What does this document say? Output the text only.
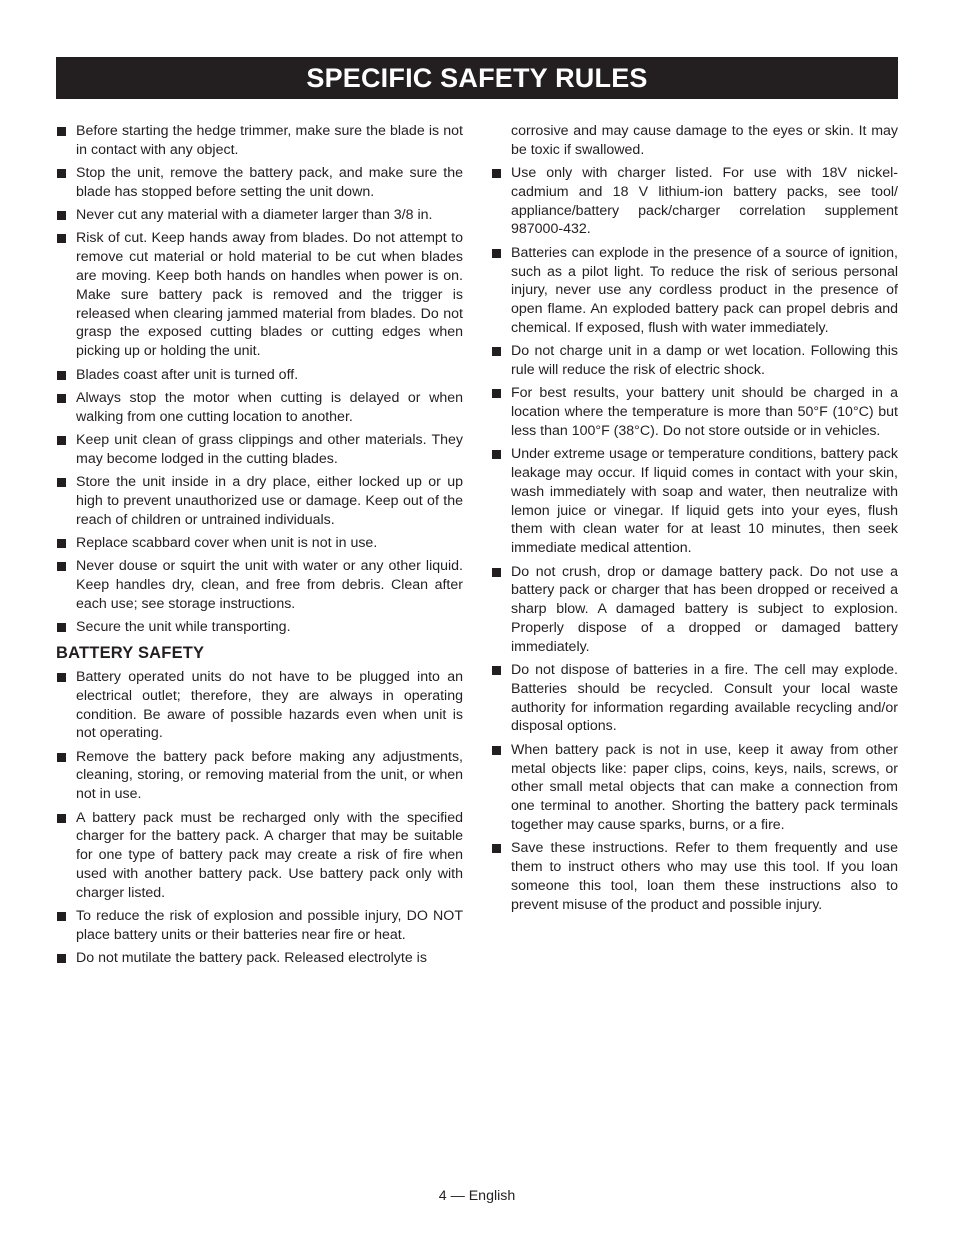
SPECIFIC SAFETY RULES
Before starting the hedge trimmer, make sure the blade is not in contact with any object.
Stop the unit, remove the battery pack, and make sure the blade has stopped before setting the unit down.
Never cut any material with a diameter larger than 3/8 in.
Risk of cut. Keep hands away from blades. Do not attempt to remove cut material or hold material to be cut when blades are moving. Keep both hands on handles when power is on. Make sure battery pack is removed and the trigger is released when clearing jammed material from blades. Do not grasp the exposed cutting blades or cutting edges when picking up or holding the unit.
Blades coast after unit is turned off.
Always stop the motor when cutting is delayed or when walking from one cutting location to another.
Keep unit clean of grass clippings and other materials. They may become lodged in the cutting blades.
Store the unit inside in a dry place, either locked up or up high to prevent unauthorized use or damage. Keep out of the reach of children or untrained individuals.
Replace scabbard cover when unit is not in use.
Never douse or squirt the unit with water or any other liquid. Keep handles dry, clean, and free from debris. Clean after each use; see storage instructions.
Secure the unit while transporting.
BATTERY SAFETY
Battery operated units do not have to be plugged into an electrical outlet; therefore, they are always in operating condition. Be aware of possible hazards even when unit is not operating.
Remove the battery pack before making any adjustments, cleaning, storing, or removing material from the unit, or when not in use.
A battery pack must be recharged only with the specified charger for the battery pack. A charger that may be suitable for one type of battery pack may create a risk of fire when used with another battery pack. Use battery pack only with charger listed.
To reduce the risk of explosion and possible injury, DO NOT place battery units or their batteries near fire or heat.
Do not mutilate the battery pack. Released electrolyte is
corrosive and may cause damage to the eyes or skin. It may be toxic if swallowed.
Use only with charger listed. For use with 18V nickel-cadmium and 18 V lithium-ion battery packs, see tool/ appliance/battery pack/charger correlation supplement 987000-432.
Batteries can explode in the presence of a source of ignition, such as a pilot light. To reduce the risk of serious personal injury, never use any cordless product in the presence of open flame. An exploded battery pack can propel debris and chemical. If exposed, flush with water immediately.
Do not charge unit in a damp or wet location. Following this rule will reduce the risk of electric shock.
For best results, your battery unit should be charged in a location where the temperature is more than 50°F (10°C) but less than 100°F (38°C). Do not store outside or in vehicles.
Under extreme usage or temperature conditions, battery pack leakage may occur. If liquid comes in contact with your skin, wash immediately with soap and water, then neutralize with lemon juice or vinegar. If liquid gets into your eyes, flush them with clean water for at least 10 minutes, then seek immediate medical attention.
Do not crush, drop or damage battery pack. Do not use a battery pack or charger that has been dropped or received a sharp blow. A damaged battery is subject to explosion. Properly dispose of a dropped or damaged battery immediately.
Do not dispose of batteries in a fire. The cell may explode. Batteries should be recycled. Consult your local waste authority for information regarding available recycling and/or disposal options.
When battery pack is not in use, keep it away from other metal objects like: paper clips, coins, keys, nails, screws, or other small metal objects that can make a connection from one terminal to another. Shorting the battery pack terminals together may cause sparks, burns, or a fire.
Save these instructions. Refer to them frequently and use them to instruct others who may use this tool. If you loan someone this tool, loan them these instructions also to prevent misuse of the product and possible injury.
4 — English
